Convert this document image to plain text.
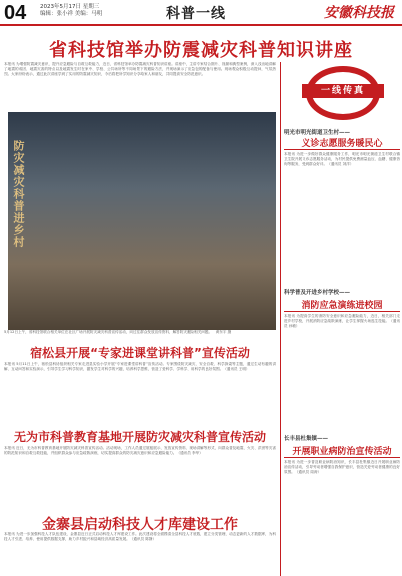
04	2023年5月17日 星期三
编辑：张小祥 美编：马明	科普一线	安徽科技报
省科技馆举办防震减灾科普知识讲座
本报讯 为增强防震减灾意识，提升应急避险与自救互救能力，近日，省科技馆举办防震减灾科普知识讲座。讲座中，主讲专家结合图片、视频和典型案例，深入浅出地讲解了地震的成因、地震灾害的特点以及地震发生时在家中、学校、公共场所等不同场景下的避险方法，并现场演示了应急包的配备与使用。现场观众积极互动提问，气氛热烈。大家纷纷表示，通过此次讲座学到了实用的防震减灾知识，今后将把所学知识分享给家人和朋友，共同提高安全防范意识。
防灾减灾科普进乡村
5月12日上午，省科技馆联合相关单位在社区广场开展防灾减灾科普宣传活动，向过往群众发放宣传资料，解答防灾避险相关问题。　黄东宇 摄
宿松县开展“专家进课堂讲科普”宣传活动
本报讯 5月11日上午，宿松县科协组织相关专家走进县实验小学开展“专家进课堂讲科普”宣传活动。专家围绕防灾减灾、安全自救、科学探索等主题，通过生动有趣的讲解、互动问答和实验演示，引导学生学习科学知识，激发学生对科学的兴趣，培养科学思维，营造了爱科学、学科学、用科学的良好氛围。（通讯员 王明）
无为市科普教育基地开展防灾减灾科普宣传活动
本报讯 近日，无为市科普教育基地开展防灾减灾科普宣传活动。活动现场，工作人员通过展板展示、发放宣传资料、现场讲解等形式，向群众普及地震、火灾、洪涝等灾害的防范知识和自救互救技能，并组织群众参与应急疏散演练，切实提高群众的防灾减灾意识和应急避险能力。（通讯员 李华）
金寨县启动科技人才库建设工作
本报讯 为进一步加强科技人才队伍建设，金寨县近日正式启动科技人才库建设工作。此次建设将全面摸清全县科技人才底数，建立分类管理、动态更新的人才数据库，为科技人才引进、培养、使用提供数据支撑，助力乡村振兴和县域经济高质量发展。（通讯员 陈静）
一线传真
明光市明光街道卫生村——
义诊志愿服务暖民心
本报讯 为进一步做好群众健康服务工作，明光市明光街道卫生村联合镇卫生院开展义诊志愿服务活动，为村民提供免费测量血压、血糖、健康咨询等服务，受到群众好评。（通讯员 刘洋）
科学普及开进乡村学校——
消防应急演练进校园
本报讯 为提高学生的消防安全意识和应急避险能力，近日，相关部门走进乡村学校，开展消防应急疏散演练，让学生掌握火场逃生技能。（通讯员 孙敏）
长丰县杜集镇——
开展职业病防治宣传活动
本报讯 为进一步普及职业病防治知识，长丰县杜集镇近日开展职业病防治宣传活动，引导劳动者增强自我保护意识，营造关爱劳动者健康的良好氛围。（通讯员 周涛）
